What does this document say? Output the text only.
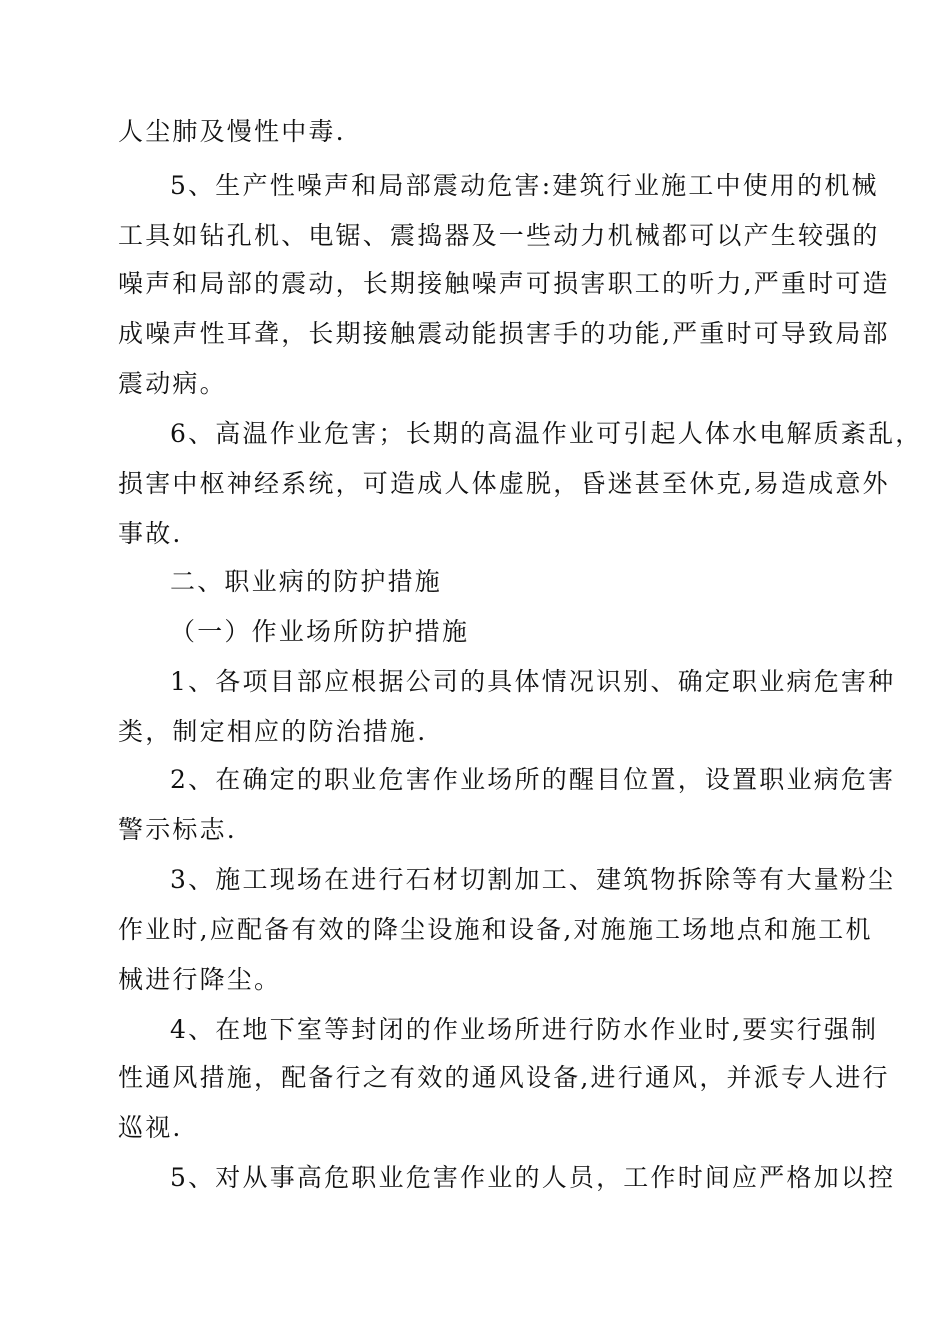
人尘肺及慢性中毒.
5、生产性噪声和局部震动危害:建筑行业施工中使用的机械
工具如钻孔机、电锯、震捣器及一些动力机械都可以产生较强的
噪声和局部的震动，长期接触噪声可损害职工的听力,严重时可造
成噪声性耳聋，长期接触震动能损害手的功能,严重时可导致局部
震动病。
6、高温作业危害；长期的高温作业可引起人体水电解质紊乱，
损害中枢神经系统，可造成人体虚脱，昏迷甚至休克,易造成意外
事故.
二、职业病的防护措施
（一）作业场所防护措施
1、各项目部应根据公司的具体情况识别、确定职业病危害种
类，制定相应的防治措施.
2、在确定的职业危害作业场所的醒目位置，设置职业病危害
警示标志.
3、施工现场在进行石材切割加工、建筑物拆除等有大量粉尘
作业时,应配备有效的降尘设施和设备,对施施工场地点和施工机
械进行降尘。
4、在地下室等封闭的作业场所进行防水作业时,要实行强制
性通风措施，配备行之有效的通风设备,进行通风，并派专人进行
巡视.
5、对从事高危职业危害作业的人员，工作时间应严格加以控
